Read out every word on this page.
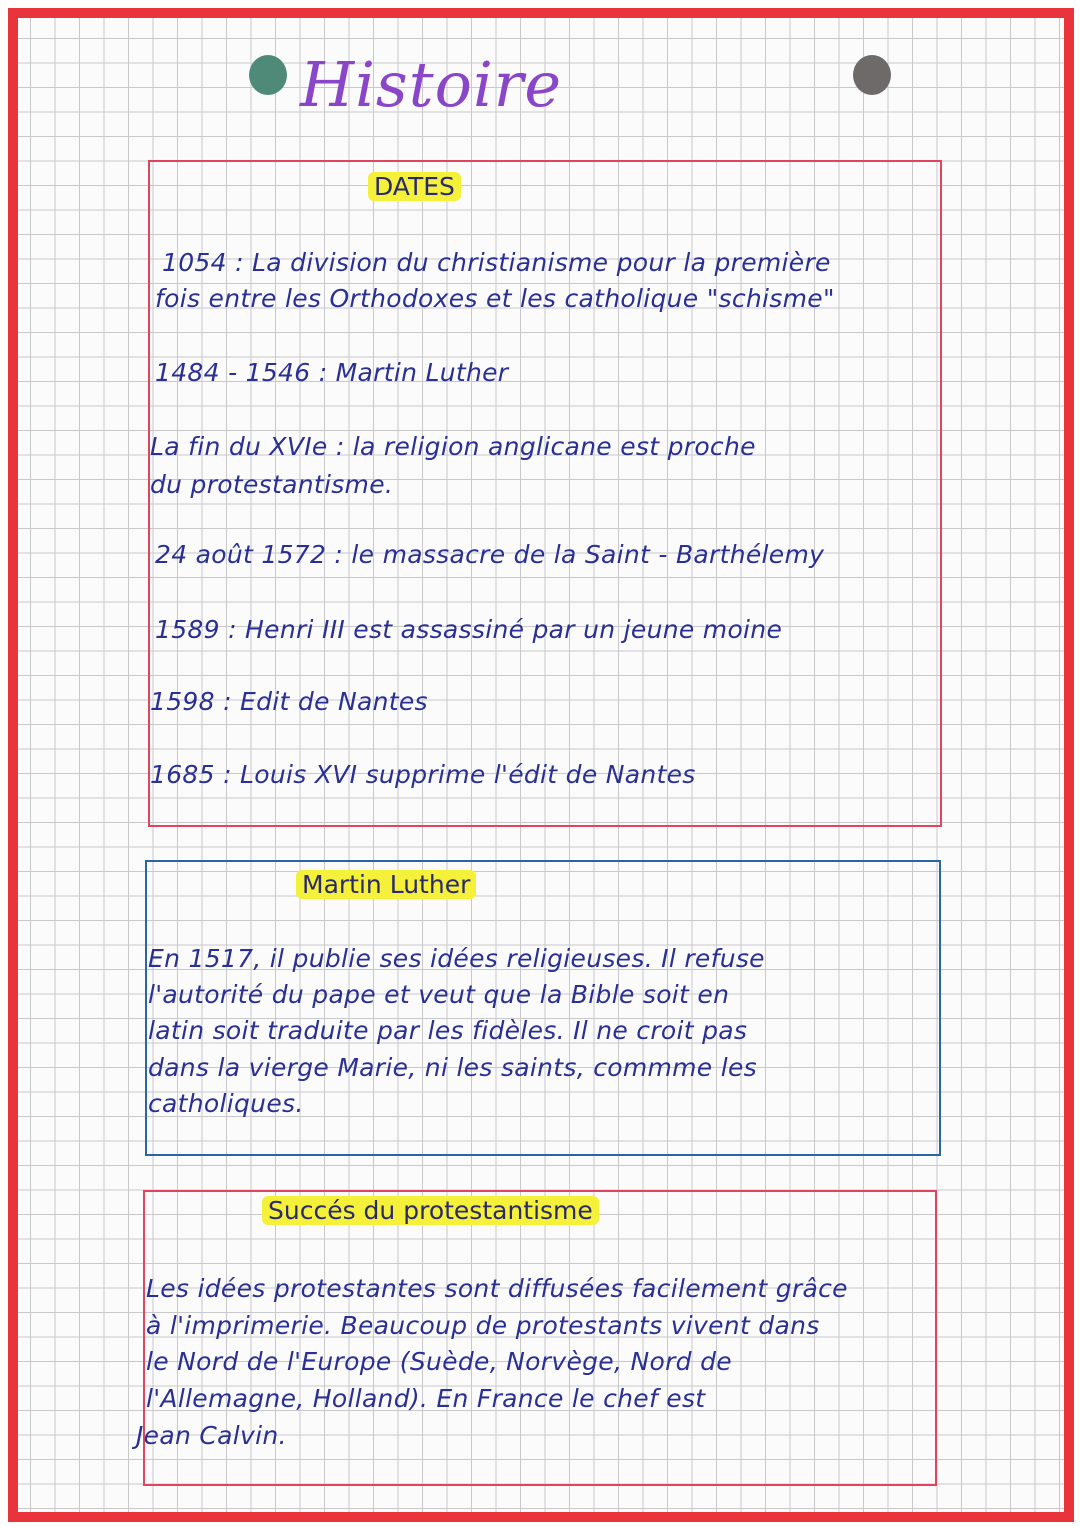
Histoire
DATES
1054 : La division du christianisme pour la première
fois entre les Orthodoxes et les catholique "schisme"
1484 - 1546 : Martin Luther
La fin du XVIe : la religion anglicane est proche
du protestantisme.
24 août 1572 : le massacre de la Saint - Barthélemy
1589 : Henri III est assassiné par un jeune moine
1598 : Edit de Nantes
1685 : Louis XVI supprime l'édit de Nantes
Martin Luther
En 1517, il publie ses idées religieuses. Il refuse
l'autorité du pape et veut que la Bible soit en
latin soit traduite par les fidèles. Il ne croit pas
dans la vierge Marie, ni les saints, commme les
catholiques.
Succés du protestantisme
Les idées protestantes sont diffusées facilement grâce
à l'imprimerie. Beaucoup de protestants vivent dans
le Nord de l'Europe (Suède, Norvège, Nord de
l'Allemagne, Holland). En France le chef est
Jean Calvin.
